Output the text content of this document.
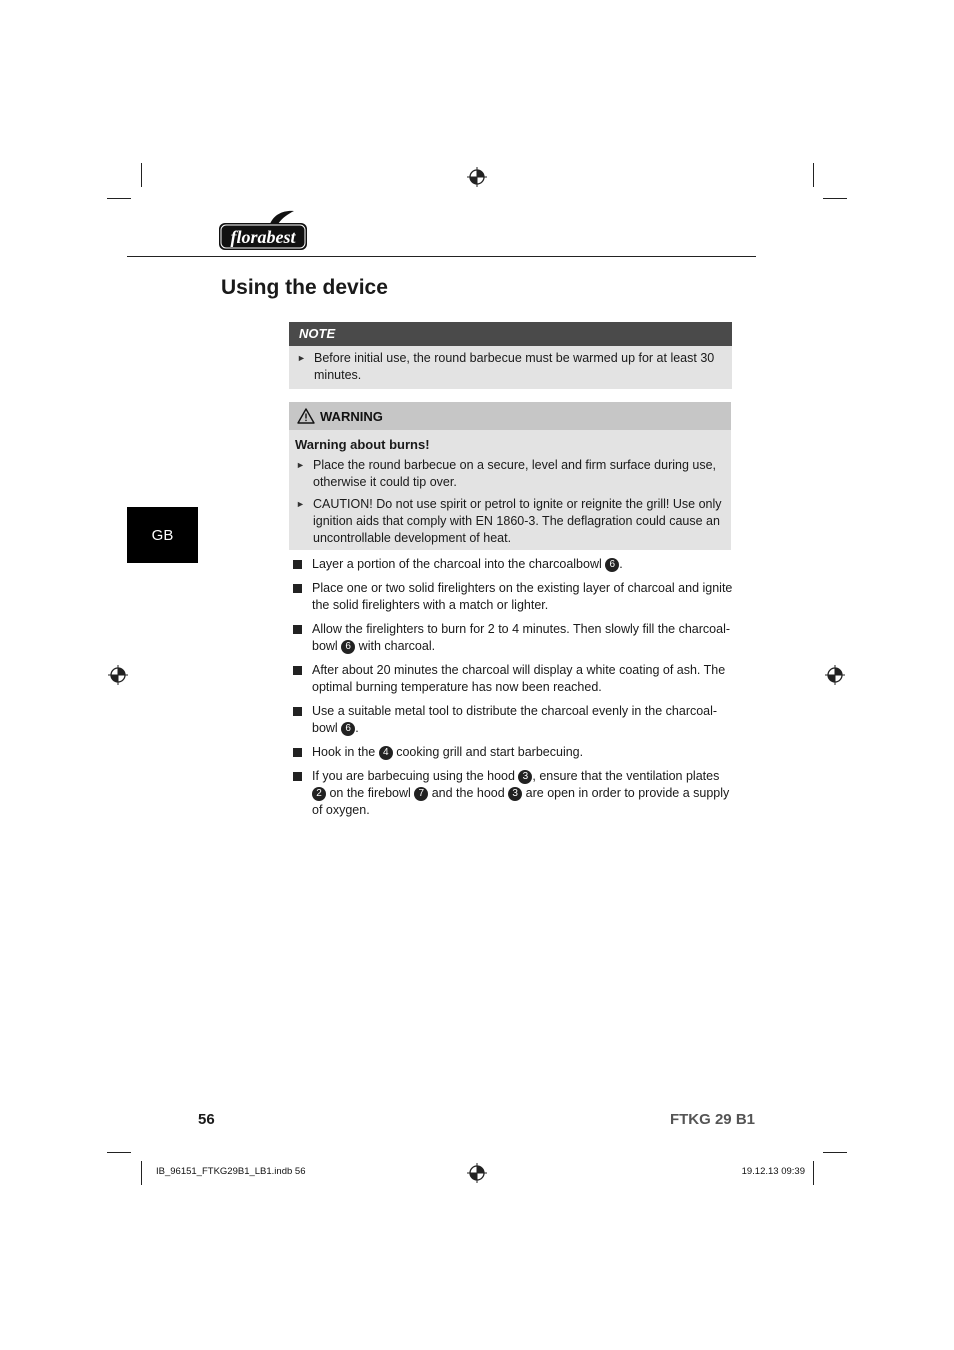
florabest
Using the device
NOTE
► Before initial use, the round barbecue must be warmed up for at least 30 minutes.
WARNING
Warning about burns!
► Place the round barbecue on a secure, level and firm surface during use, otherwise it could tip over.
► CAUTION! Do not use spirit or petrol to ignite or reignite the grill! Use only ignition aids that comply with EN 1860-3. The deflagration could cause an uncontrollable development of heat.
GB
Layer a portion of the charcoal into the charcoalbowl 6 .
Place one or two solid firelighters on the existing layer of charcoal and ignite the solid firelighters with a match or lighter.
Allow the firelighters to burn for 2 to 4 minutes. Then slowly fill the charcoal-bowl 6 with charcoal.
After about 20 minutes the charcoal will display a white coating of ash. The optimal burning temperature has now been reached.
Use a suitable metal tool to distribute the charcoal evenly in the charcoal-bowl 6 .
Hook in the 4 cooking grill and start barbecuing.
If you are barbecuing using the hood 3 , ensure that the ventilation plates 2 on the firebowl 7 and the hood 3 are open in order to provide a supply of oxygen.
56	FTKG 29 B1
IB_96151_FTKG29B1_LB1.indb 56	19.12.13 09:39
